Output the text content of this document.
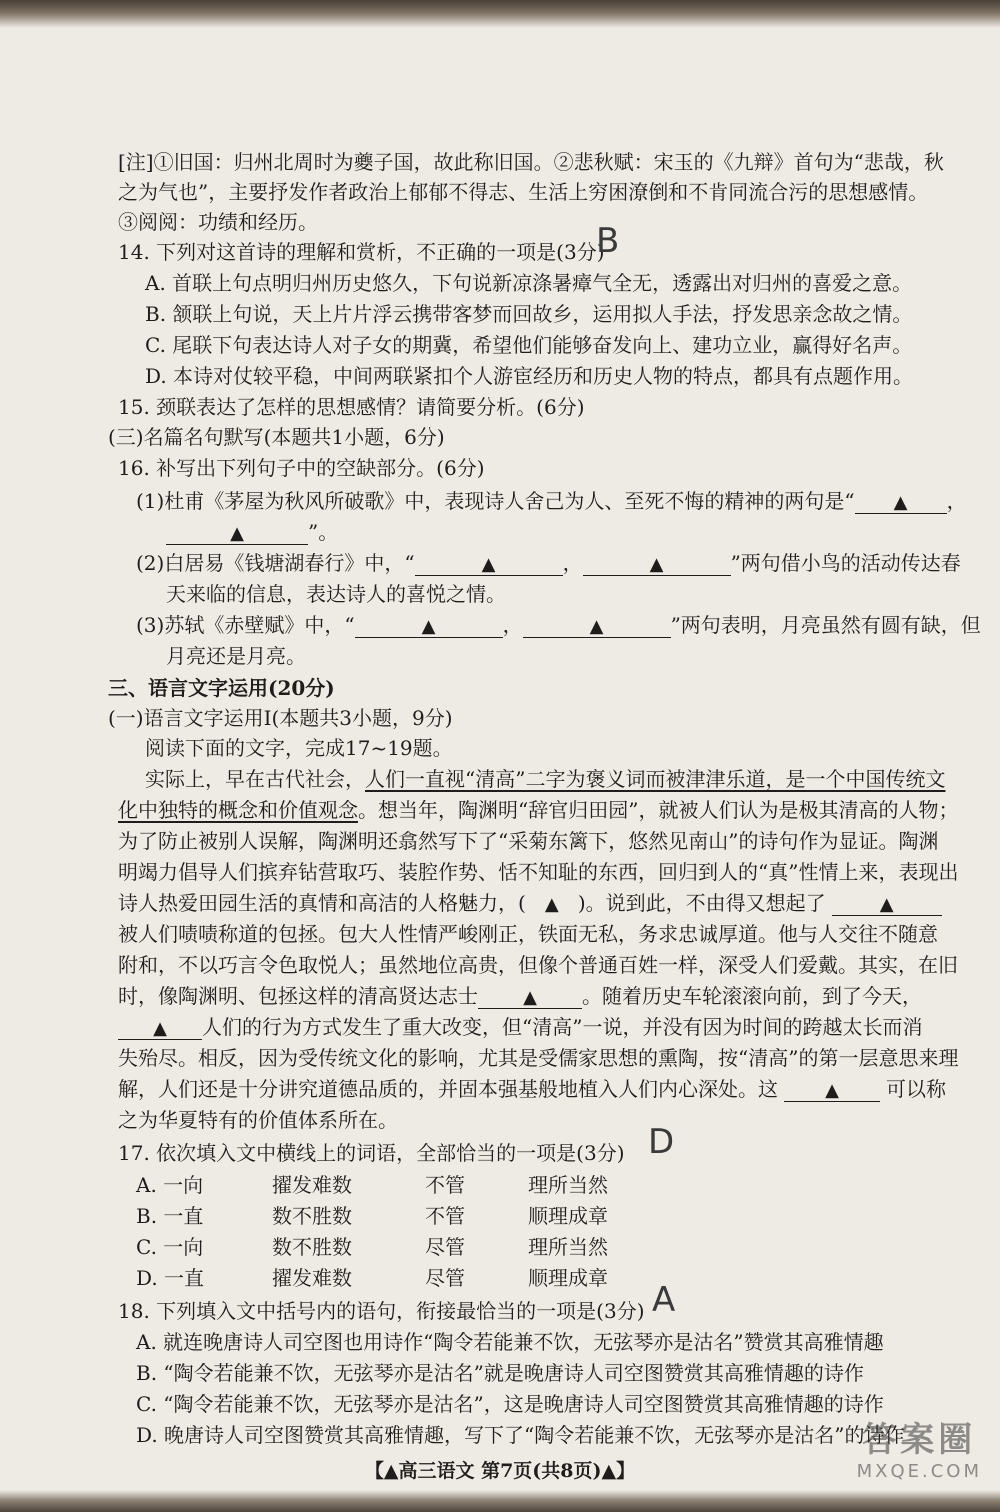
[注]①旧国：归州北周时为夔子国，故此称旧国。②悲秋赋：宋玉的《九辩》首句为“悲哉，秋
之为气也”，主要抒发作者政治上郁郁不得志、生活上穷困潦倒和不肯同流合污的思想感情。
③阅阅：功绩和经历。
14. 下列对这首诗的理解和赏析，不正确的一项是(3分)
B
A. 首联上句点明归州历史悠久，下句说新凉涤暑瘴气全无，透露出对归州的喜爱之意。
B. 颔联上句说，天上片片浮云携带客梦而回故乡，运用拟人手法，抒发思亲念故之情。
C. 尾联下句表达诗人对子女的期冀，希望他们能够奋发向上、建功立业，赢得好名声。
D. 本诗对仗较平稳，中间两联紧扣个人游宦经历和历史人物的特点，都具有点题作用。
15. 颈联表达了怎样的思想感情？请简要分析。(6分)
(三)名篇名句默写(本题共1小题，6分)
16. 补写出下列句子中的空缺部分。(6分)
(1)杜甫《茅屋为秋风所破歌》中，表现诗人舍己为人、至死不悔的精神的两句是“ ▲ ，
▲	”。
(2)白居易《钱塘湖春行》中，“	▲	，	▲	”两句借小鸟的活动传达春
天来临的信息，表达诗人的喜悦之情。
(3)苏轼《赤壁赋》中，“	▲	，	▲	”两句表明，月亮虽然有圆有缺，但
月亮还是月亮。
三、语言文字运用(20分)
(一)语言文字运用Ⅰ(本题共3小题，9分)
阅读下面的文字，完成17~19题。
实际上，早在古代社会，人们一直视“清高”二字为褒义词而被津津乐道，是一个中国传统文
化中独特的概念和价值观念。想当年，陶渊明“辞官归田园”，就被人们认为是极其清高的人物；
为了防止被别人误解，陶渊明还翕然写下了“采菊东篱下，悠然见南山”的诗句作为显证。陶渊
明竭力倡导人们摈弃钻营取巧、装腔作势、恬不知耻的东西，回归到人的“真”性情上来，表现出
诗人热爱田园生活的真情和高洁的人格魅力，( ▲ )。说到此，不由得又想起了	▲
被人们啧啧称道的包拯。包大人性情严峻刚正，铁面无私，务求忠诚厚道。他与人交往不随意
附和，不以巧言令色取悦人；虽然地位高贵，但像个普通百姓一样，深受人们爱戴。其实，在旧
时，像陶渊明、包拯这样的清高贤达志士	▲ 。随着历史车轮滚滚向前，到了今天，
▲ 人们的行为方式发生了重大改变，但“清高”一说，并没有因为时间的跨越太长而消
失殆尽。相反，因为受传统文化的影响，尤其是受儒家思想的熏陶，按“清高”的第一层意思来理
解，人们还是十分讲究道德品质的，并固本强基般地植入人们内心深处。这	▲ 可以称
之为华夏特有的价值体系所在。
17. 依次填入文中横线上的词语，全部恰当的一项是(3分) D
A. 一向	擢发难数	不管	理所当然
B. 一直	数不胜数	不管	顺理成章
C. 一向	数不胜数	尽管	理所当然
D. 一直	擢发难数	尽管	顺理成章
18. 下列填入文中括号内的语句，衔接最恰当的一项是(3分) A
A. 就连晚唐诗人司空图也用诗作“陶令若能兼不饮，无弦琴亦是沽名”赞赏其高雅情趣
B. “陶令若能兼不饮，无弦琴亦是沽名”就是晚唐诗人司空图赞赏其高雅情趣的诗作
C. “陶令若能兼不饮，无弦琴亦是沽名”，这是晚唐诗人司空图赞赏其高雅情趣的诗作
D. 晚唐诗人司空图赞赏其高雅情趣，写下了“陶令若能兼不饮，无弦琴亦是沽名”的诗作
【▲高三语文 第7页(共8页)▲】
答案圈
MXQE.COM
